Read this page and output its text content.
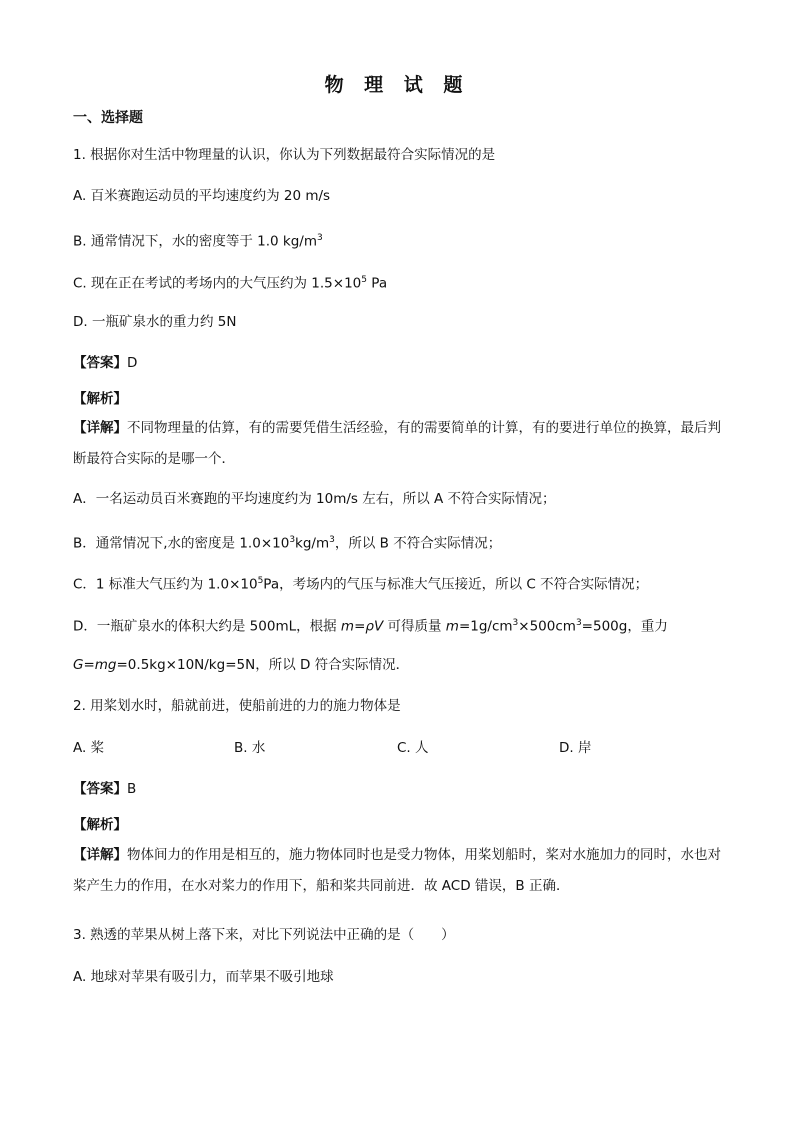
物 理 试 题
一、选择题
1. 根据你对生活中物理量的认识，你认为下列数据最符合实际情况的是
A. 百米赛跑运动员的平均速度约为 20 m/s
B. 通常情况下，水的密度等于 1.0 $kg/m^3$
C. 现在正在考试的考场内的大气压约为 $1.5\times 10^5$ Pa
D. 一瓶矿泉水的重力约 5N
【答案】D
【解析】
【详解】不同物理量的估算，有的需要凭借生活经验，有的需要简单的计算，有的要进行单位的换算，最后判断最符合实际的是哪一个．
A．一名运动员百米赛跑的平均速度约为 10m/s 左右，所以 A 不符合实际情况；
B．通常情况下,水的密度是 $1.0\times 10^3kg/m^3$，所以 B 不符合实际情况；
C．1 标准大气压约为 $1.0\times 10^5Pa$，考场内的气压与标准大气压接近，所以 C 不符合实际情况；
D．一瓶矿泉水的体积大约是 500mL，根据 m=ρV 可得质量 $m=1g/cm^3\times 500cm^3=500g$，重力
G=mg=0.5kg×10N/kg=5N，所以 D 符合实际情况．
2. 用桨划水时，船就前进，使船前进的力的施力物体是
A. 桨	B. 水	C. 人	D. 岸
【答案】B
【解析】
【详解】物体间力的作用是相互的，施力物体同时也是受力物体，用桨划船时，桨对水施加力的同时，水也对桨产生力的作用，在水对桨力的作用下，船和桨共同前进．故 ACD 错误，B 正确．
3. 熟透的苹果从树上落下来，对比下列说法中正确的是（　　）
A. 地球对苹果有吸引力，而苹果不吸引地球
